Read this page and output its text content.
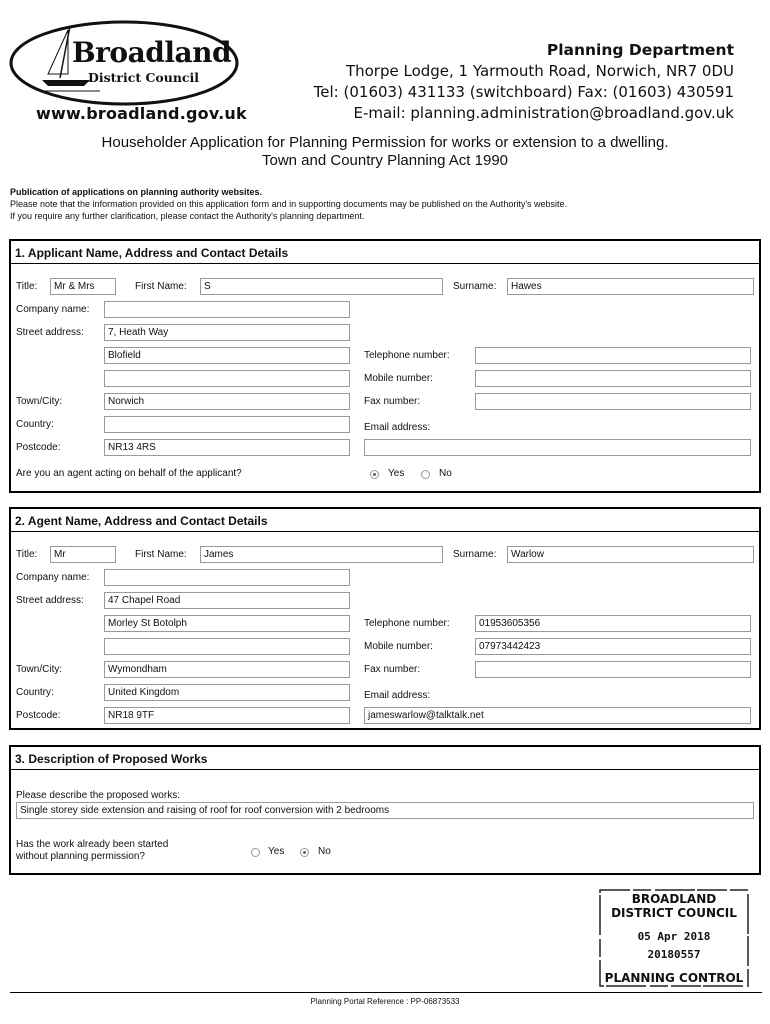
Broadland
District Council
www.broadland.gov.uk
Planning Department
Thorpe Lodge, 1 Yarmouth Road, Norwich, NR7 0DU
Tel: (01603) 431133 (switchboard) Fax: (01603) 430591
E-mail: planning.administration@broadland.gov.uk
Householder Application for Planning Permission for works or extension to a dwelling.
Town and Country Planning Act 1990
Publication of applications on planning authority websites.
Please note that the information provided on this application form and in supporting documents may be published on the Authority's website.
If you require any further clarification, please contact the Authority's planning department.
1. Applicant Name, Address and Contact Details
Title:	Mr & Mrs	First Name:	S	Surname:	Hawes
Company name:
Street address:	7, Heath Way
Blofield
Town/City:	Norwich
Country:
Postcode:	NR13 4RS
Telephone number:
Mobile number:
Fax number:
Email address:
Are you an agent acting on behalf of the applicant?	Yes	No
2. Agent Name, Address and Contact Details
Title:	Mr	First Name:	James	Surname:	Warlow
Company name:
Street address:	47 Chapel Road
Morley St Botolph
Town/City:	Wymondham
Country:	United Kingdom
Postcode:	NR18 9TF
Telephone number:	01953605356
Mobile number:	07973442423
Fax number:
Email address:
jameswarlow@talktalk.net
3. Description of Proposed Works
Please describe the proposed works:
Single storey side extension and raising of roof for roof conversion with 2 bedrooms
Has the work already been started
without planning permission?	Yes	No
BROADLAND
DISTRICT COUNCIL
05 Apr 2018
20180557
PLANNING CONTROL
Planning Portal Reference : PP-06873533
